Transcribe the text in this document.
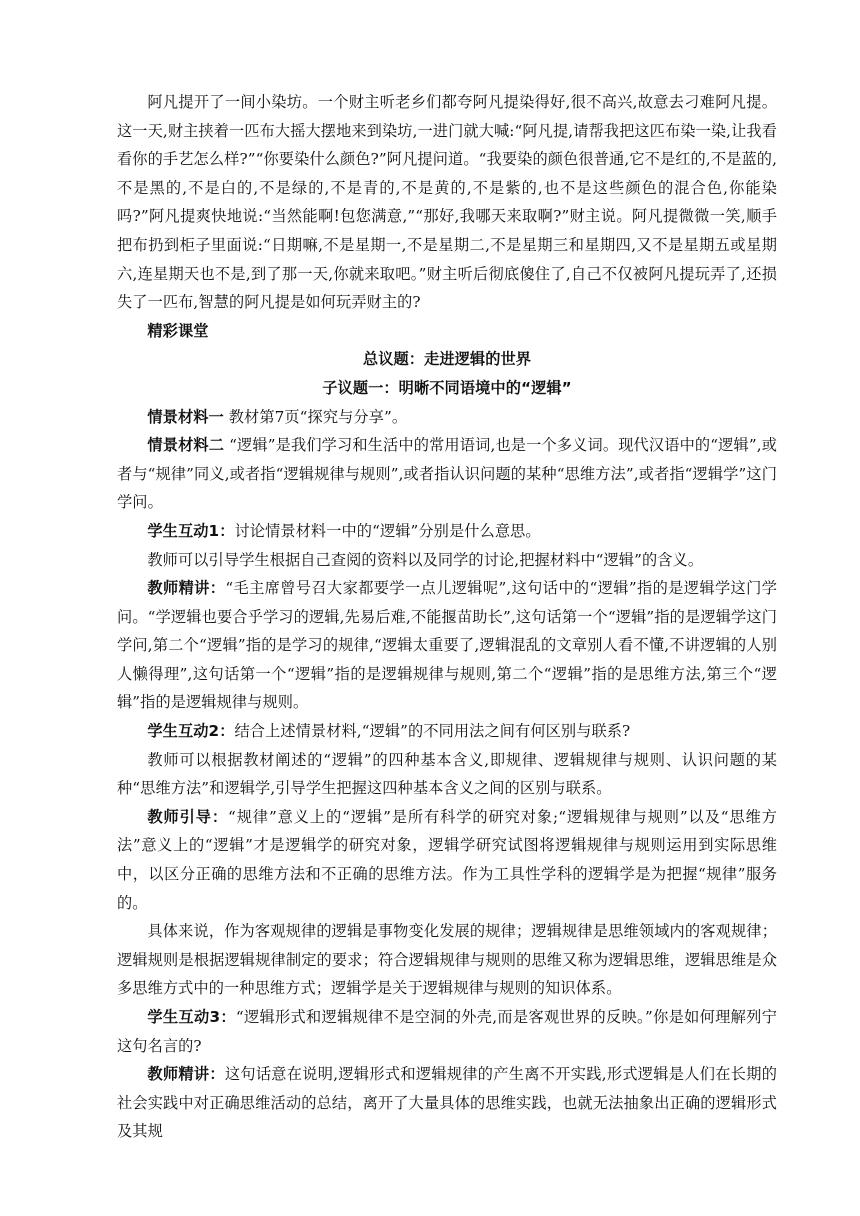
阿凡提开了一间小染坊。一个财主听老乡们都夸阿凡提染得好,很不高兴,故意去刁难阿凡提。这一天,财主挟着一匹布大摇大摆地来到染坊,一进门就大喊:“阿凡提,请帮我把这匹布染一染,让我看看你的手艺怎么样?”“你要染什么颜色?”阿凡提问道。“我要染的颜色很普通,它不是红的,不是蓝的,不是黑的,不是白的,不是绿的,不是青的,不是黄的,不是紫的,也不是这些颜色的混合色,你能染吗?”阿凡提爽快地说:“当然能啊!包您满意,”“那好,我哪天来取啊?”财主说。阿凡提微微一笑,顺手把布扔到柜子里面说:“日期嘛,不是星期一,不是星期二,不是星期三和星期四,又不是星期五或星期六,连星期天也不是,到了那一天,你就来取吧。”财主听后彻底傻住了,自己不仅被阿凡提玩弄了,还损失了一匹布,智慧的阿凡提是如何玩弄财主的?

精彩课堂

总议题：走进逻辑的世界

子议题一：明晰不同语境中的“逻辑”

情景材料一 教材第7页“探究与分享”。

情景材料二 “逻辑”是我们学习和生活中的常用语词,也是一个多义词。现代汉语中的“逻辑”,或者与“规律”同义,或者指“逻辑规律与规则”,或者指认识问题的某种“思维方法”,或者指“逻辑学”这门学问。

学生互动1：讨论情景材料一中的“逻辑”分别是什么意思。

教师可以引导学生根据自己查阅的资料以及同学的讨论,把握材料中“逻辑”的含义。

教师精讲：“毛主席曾号召大家都要学一点儿逻辑呢”,这句话中的“逻辑”指的是逻辑学这门学问。“学逻辑也要合乎学习的逻辑,先易后难,不能揠苗助长”,这句话第一个“逻辑”指的是逻辑学这门学问,第二个“逻辑”指的是学习的规律,“逻辑太重要了,逻辑混乱的文章别人看不懂,不讲逻辑的人别人懒得理”,这句话第一个“逻辑”指的是逻辑规律与规则,第二个“逻辑”指的是思维方法,第三个“逻辑”指的是逻辑规律与规则。

学生互动2：结合上述情景材料,“逻辑”的不同用法之间有何区别与联系?

教师可以根据教材阐述的“逻辑”的四种基本含义,即规律、逻辑规律与规则、认识问题的某种“思维方法”和逻辑学,引导学生把握这四种基本含义之间的区别与联系。

教师引导：“规律”意义上的“逻辑”是所有科学的研究对象;“逻辑规律与规则”以及“思维方法”意义上的“逻辑”才是逻辑学的研究对象，逻辑学研究试图将逻辑规律与规则运用到实际思维中，以区分正确的思维方法和不正确的思维方法。作为工具性学科的逻辑学是为把握“规律”服务的。

具体来说，作为客观规律的逻辑是事物变化发展的规律；逻辑规律是思维领域内的客观规律；逻辑规则是根据逻辑规律制定的要求；符合逻辑规律与规则的思维又称为逻辑思维，逻辑思维是众多思维方式中的一种思维方式；逻辑学是关于逻辑规律与规则的知识体系。

学生互动3：“逻辑形式和逻辑规律不是空洞的外壳,而是客观世界的反映。”你是如何理解列宁这句名言的?

教师精讲：这句话意在说明,逻辑形式和逻辑规律的产生离不开实践,形式逻辑是人们在长期的社会实践中对正确思维活动的总结，离开了大量具体的思维实践，也就无法抽象出正确的逻辑形式及其规
